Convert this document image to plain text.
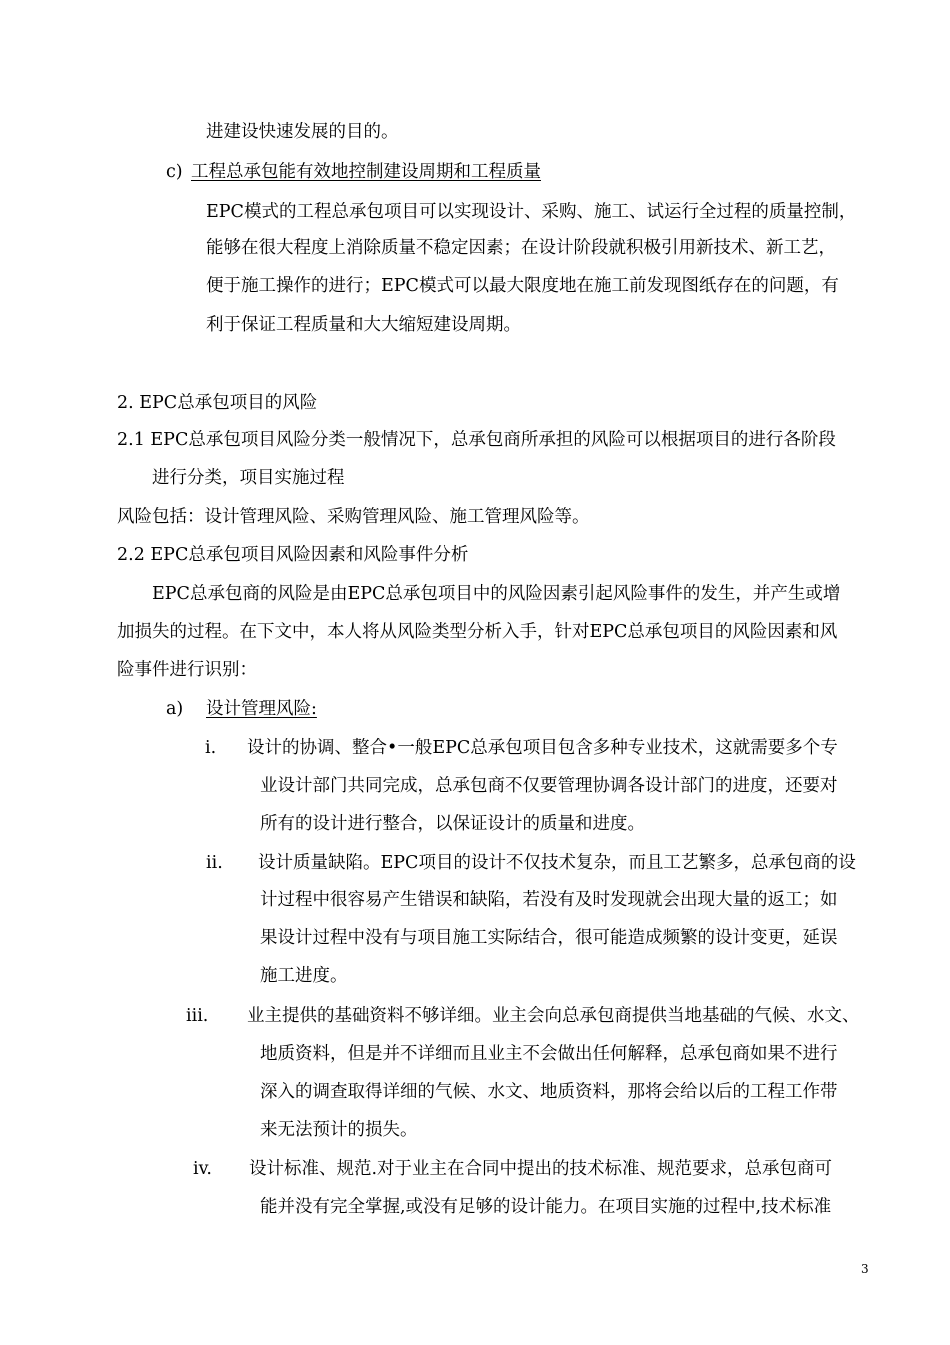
进建设快速发展的目的。
c) 工程总承包能有效地控制建设周期和工程质量
EPC模式的工程总承包项目可以实现设计、采购、施工、试运行全过程的质量控制，
能够在很大程度上消除质量不稳定因素；在设计阶段就积极引用新技术、新工艺，
便于施工操作的进行；EPC模式可以最大限度地在施工前发现图纸存在的问题，有
利于保证工程质量和大大缩短建设周期。
2. EPC总承包项目的风险
2.1 EPC总承包项目风险分类一般情况下，总承包商所承担的风险可以根据项目的进行各阶段
进行分类，项目实施过程
风险包括：设计管理风险、采购管理风险、施工管理风险等。
2.2 EPC总承包项目风险因素和风险事件分析
EPC总承包商的风险是由EPC总承包项目中的风险因素引起风险事件的发生，并产生或增
加损失的过程。在下文中，本人将从风险类型分析入手，针对EPC总承包项目的风险因素和风
险事件进行识别：
a) 设计管理风险:
i. 设计的协调、整合•一般EPC总承包项目包含多种专业技术，这就需要多个专
业设计部门共同完成，总承包商不仅要管理协调各设计部门的进度，还要对
所有的设计进行整合，以保证设计的质量和进度。
ii. 设计质量缺陷。EPC项目的设计不仅技术复杂，而且工艺繁多，总承包商的设
计过程中很容易产生错误和缺陷，若没有及时发现就会出现大量的返工；如
果设计过程中没有与项目施工实际结合，很可能造成频繁的设计变更，延误
施工进度。
iii. 业主提供的基础资料不够详细。业主会向总承包商提供当地基础的气候、水文、
地质资料，但是并不详细而且业主不会做出任何解释，总承包商如果不进行
深入的调查取得详细的气候、水文、地质资料，那将会给以后的工程工作带
来无法预计的损失。
iv. 设计标准、规范.对于业主在合同中提出的技术标准、规范要求，总承包商可
能并没有完全掌握,或没有足够的设计能力。在项目实施的过程中,技术标准
3
